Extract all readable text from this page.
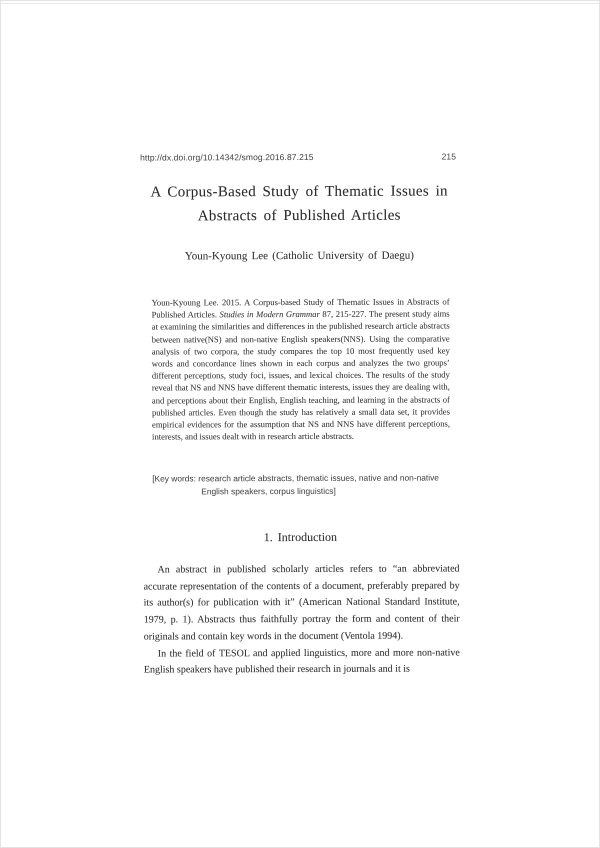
http://dx.doi.org/10.14342/smog.2016.87.215	215
A Corpus-Based Study of Thematic Issues in
Abstracts of Published Articles
Youn-Kyoung Lee (Catholic University of Daegu)
Youn-Kyoung Lee. 2015. A Corpus-based Study of Thematic Issues in Abstracts of Published Articles. Studies in Modern Grammar 87, 215-227. The present study aims at examining the similarities and differences in the published research article abstracts between native(NS) and non-native English speakers(NNS). Using the comparative analysis of two corpora, the study compares the top 10 most frequently used key words and concordance lines shown in each corpus and analyzes the two groups’ different perceptions, study foci, issues, and lexical choices. The results of the study reveal that NS and NNS have different thematic interests, issues they are dealing with, and perceptions about their English, English teaching, and learning in the abstracts of published articles. Even though the study has relatively a small data set, it provides empirical evidences for the assumption that NS and NNS have different perceptions, interests, and issues dealt with in research article abstracts.
[Key words: research article abstracts, thematic issues, native and non-native English speakers, corpus linguistics]
1. Introduction

An abstract in published scholarly articles refers to “an abbreviated accurate representation of the contents of a document, preferably prepared by its author(s) for publication with it” (American National Standard Institute, 1979, p. 1). Abstracts thus faithfully portray the form and content of their originals and contain key words in the document (Ventola 1994).

In the field of TESOL and applied linguistics, more and more non-native English speakers have published their research in journals and it is
